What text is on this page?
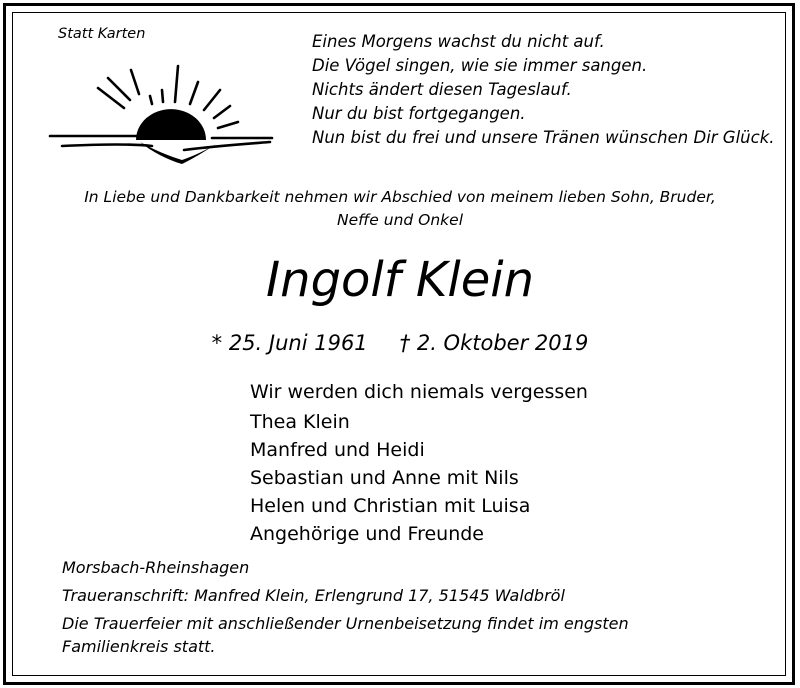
Statt Karten	Eines Morgens wachst du nicht auf.
Die Vögel singen, wie sie immer sangen.
Nichts ändert diesen Tageslauf.
Nur du bist fortgegangen.
Nun bist du frei und unsere Tränen wünschen Dir Glück.
In Liebe und Dankbarkeit nehmen wir Abschied von meinem lieben Sohn, Bruder,
Neffe und Onkel
Ingolf Klein
* 25. Juni 1961 † 2. Oktober 2019
Wir werden dich niemals vergessen
Thea Klein
Manfred und Heidi
Sebastian und Anne mit Nils
Helen und Christian mit Luisa
Angehörige und Freunde
Morsbach-Rheinshagen
Traueranschrift: Manfred Klein, Erlengrund 17, 51545 Waldbröl
Die Trauerfeier mit anschließender Urnenbeisetzung findet im engsten
Familienkreis statt.
